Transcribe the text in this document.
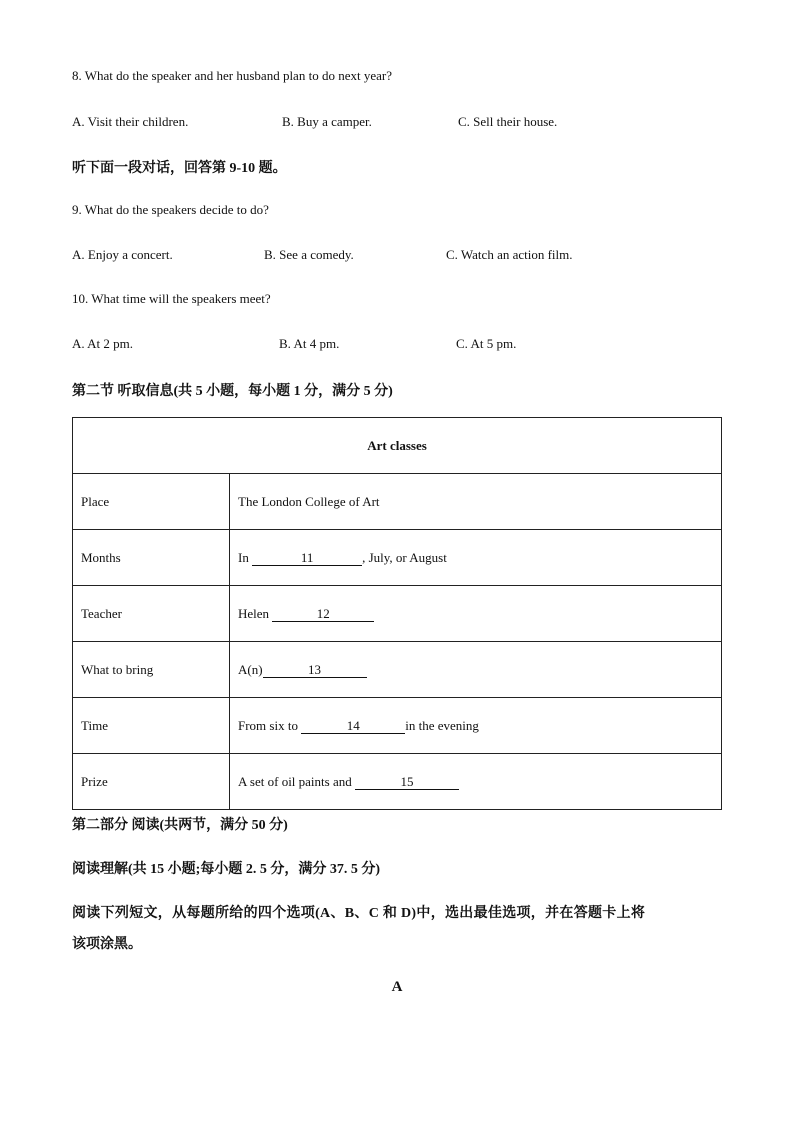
8. What do the speaker and her husband plan to do next year?
A. Visit their children.	B. Buy a camper.	C. Sell their house.
听下面一段对话，回答第 9-10 题。
9. What do the speakers decide to do?
A. Enjoy a concert.	B. See a comedy.	C. Watch an action film.
10. What time will the speakers meet?
A. At 2 pm.	B. At 4 pm.	C. At 5 pm.
第二节 听取信息(共 5 小题，每小题 1 分，满分 5 分)
Art classes	
Place	The London College of Art
Months	In 11 , July, or August
Teacher	Helen 12
What to bring	A(n) 13
Time	From six to 14 in the evening
Prize	A set of oil paints and 15
第二部分 阅读(共两节，满分 50 分)
阅读理解(共 15 小题;每小题 2. 5 分，满分 37. 5 分)
阅读下列短文，从每题所给的四个选项(A、B、C 和 D)中，选出最佳选项，并在答题卡上将
该项涂黑。
A
